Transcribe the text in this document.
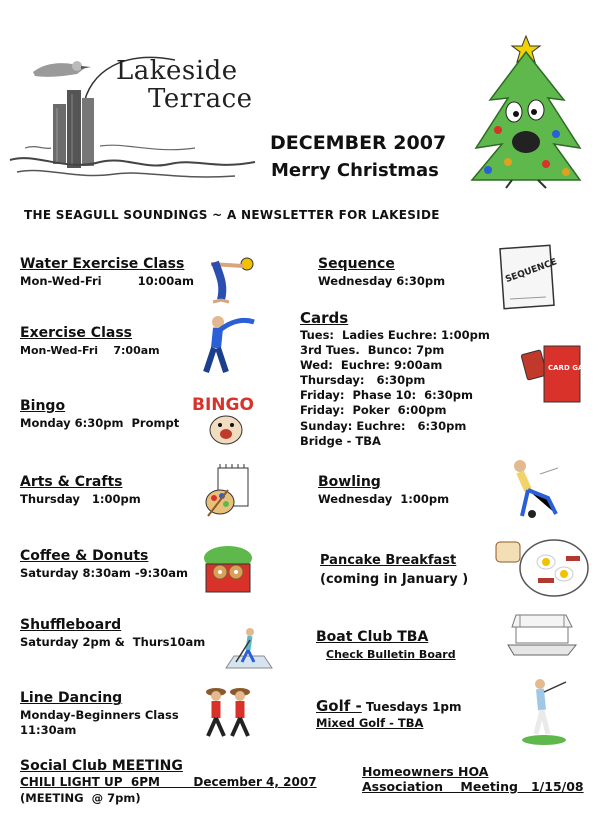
Lakeside
Terrace
DECEMBER 2007
Merry Christmas
THE SEAGULL SOUNDINGS ~ A NEWSLETTER FOR LAKESIDE
Water Exercise Class
Mon-Wed-Fri         10:00am
Exercise Class
Mon-Wed-Fri    7:00am
Bingo
Monday 6:30pm  Prompt
BINGO
Arts & Crafts
Thursday   1:00pm
Coffee & Donuts
Saturday 8:30am -9:30am
Shuffleboard
Saturday 2pm &  Thurs10am
Line Dancing
Monday-Beginners Class
11:30am
Sequence
Wednesday 6:30pm	SEQUENCE
Cards
Tues:  Ladies Euchre: 1:00pm
3rd Tues.  Bunco: 7pm
Wed:  Euchre: 9:00am
Thursday:   6:30pm
Friday:  Phase 10:  6:30pm
Friday:  Poker  6:00pm
Sunday: Euchre:   6:30pm
Bridge - TBA
CARD GAMES
Bowling
Wednesday  1:00pm
Pancake Breakfast
(coming in January )
Boat Club TBA
Check Bulletin Board
Golf - Tuesdays 1pm
Mixed Golf - TBA
Social Club MEETING
CHILI LIGHT UP  6PM        December 4, 2007
(MEETING  @ 7pm)
Homeowners HOA
Association    Meeting   1/15/08
